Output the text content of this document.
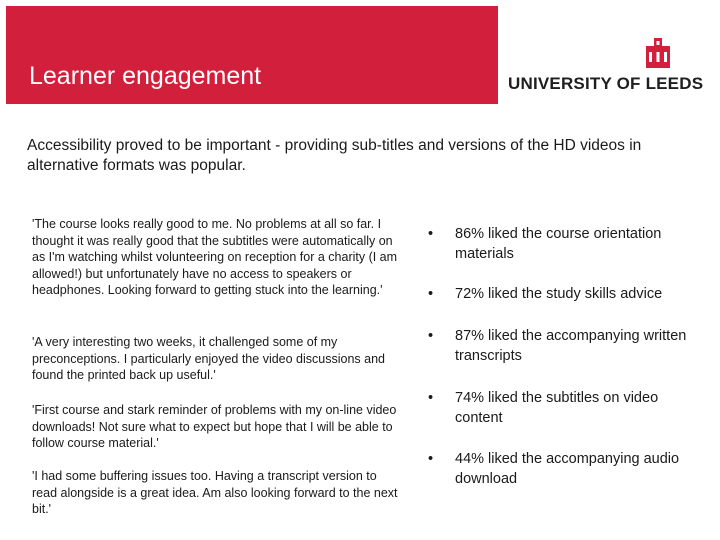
Learner engagement	UNIVERSITY OF LEEDS
Accessibility proved to be important - providing sub-titles and versions of the HD videos in alternative formats was popular.

'The course looks really good to me. No problems at all so far. I thought it was really good that the subtitles were automatically on as I'm watching whilst volunteering on reception for a charity (I am allowed!) but unfortunately have no access to speakers or headphones. Looking forward to getting stuck into the learning.'

'A very interesting two weeks, it challenged some of my preconceptions. I particularly enjoyed the video discussions and found the printed back up useful.'

'First course and stark reminder of problems with my on-line video downloads! Not sure what to expect but hope that I will be able to follow course material.'

'I had some buffering issues too. Having a transcript version to read alongside is a great idea. Am also looking forward to the next bit.'

• 86% liked the course orientation materials
• 72% liked the study skills advice
• 87% liked the accompanying written transcripts
• 74% liked the subtitles on video content
• 44% liked the accompanying audio download
